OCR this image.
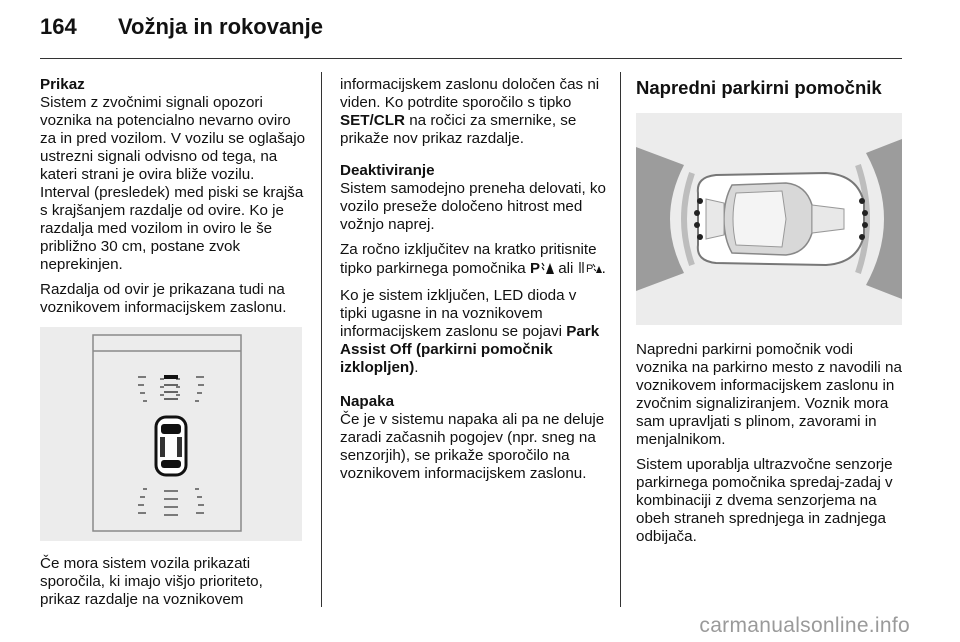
164	Vožnja in rokovanje

Prikaz
Sistem z zvočnimi signali opozori voznika na potencialno nevarno oviro za in pred vozilom. V vozilu se oglašajo ustrezni signali odvisno od tega, na kateri strani je ovira bliže vozilu. Interval (presledek) med piski se krajša s krajšanjem razdalje od ovire. Ko je razdalja med vozilom in oviro le še približno 30 cm, postane zvok neprekinjen.

Razdalja od ovir je prikazana tudi na voznikovem informacijskem zaslonu.

Če mora sistem vozila prikazati sporočila, ki imajo višjo prioriteto, prikaz razdalje na voznikovem

informacijskem zaslonu določen čas ni viden. Ko potrdite sporočilo s tipko SET/CLR na ročici za smernike, se prikaže nov prikaz razdalje.

Deaktiviranje
Sistem samodejno preneha delovati, ko vozilo preseže določeno hitrost med vožnjo naprej.

Za ročno izključitev na kratko pritisnite tipko parkirnega pomočnika P ali P .

Ko je sistem izključen, LED dioda v tipki ugasne in na voznikovem informacijskem zaslonu se pojavi Park Assist Off (parkirni pomočnik izklopljen).

Napaka
Če je v sistemu napaka ali pa ne deluje zaradi začasnih pogojev (npr. sneg na senzorjih), se prikaže sporočilo na voznikovem informacijskem zaslonu.

Napredni parkirni pomočnik

Napredni parkirni pomočnik vodi voznika na parkirno mesto z navodili na voznikovem informacijskem zaslonu in zvočnim signaliziranjem. Voznik mora sam upravljati s plinom, zavorami in menjalnikom.

Sistem uporablja ultrazvočne senzorje parkirnega pomočnika spredaj-zadaj v kombinaciji z dvema senzorjema na obeh straneh sprednjega in zadnjega odbijača.

carmanualsonline.info
